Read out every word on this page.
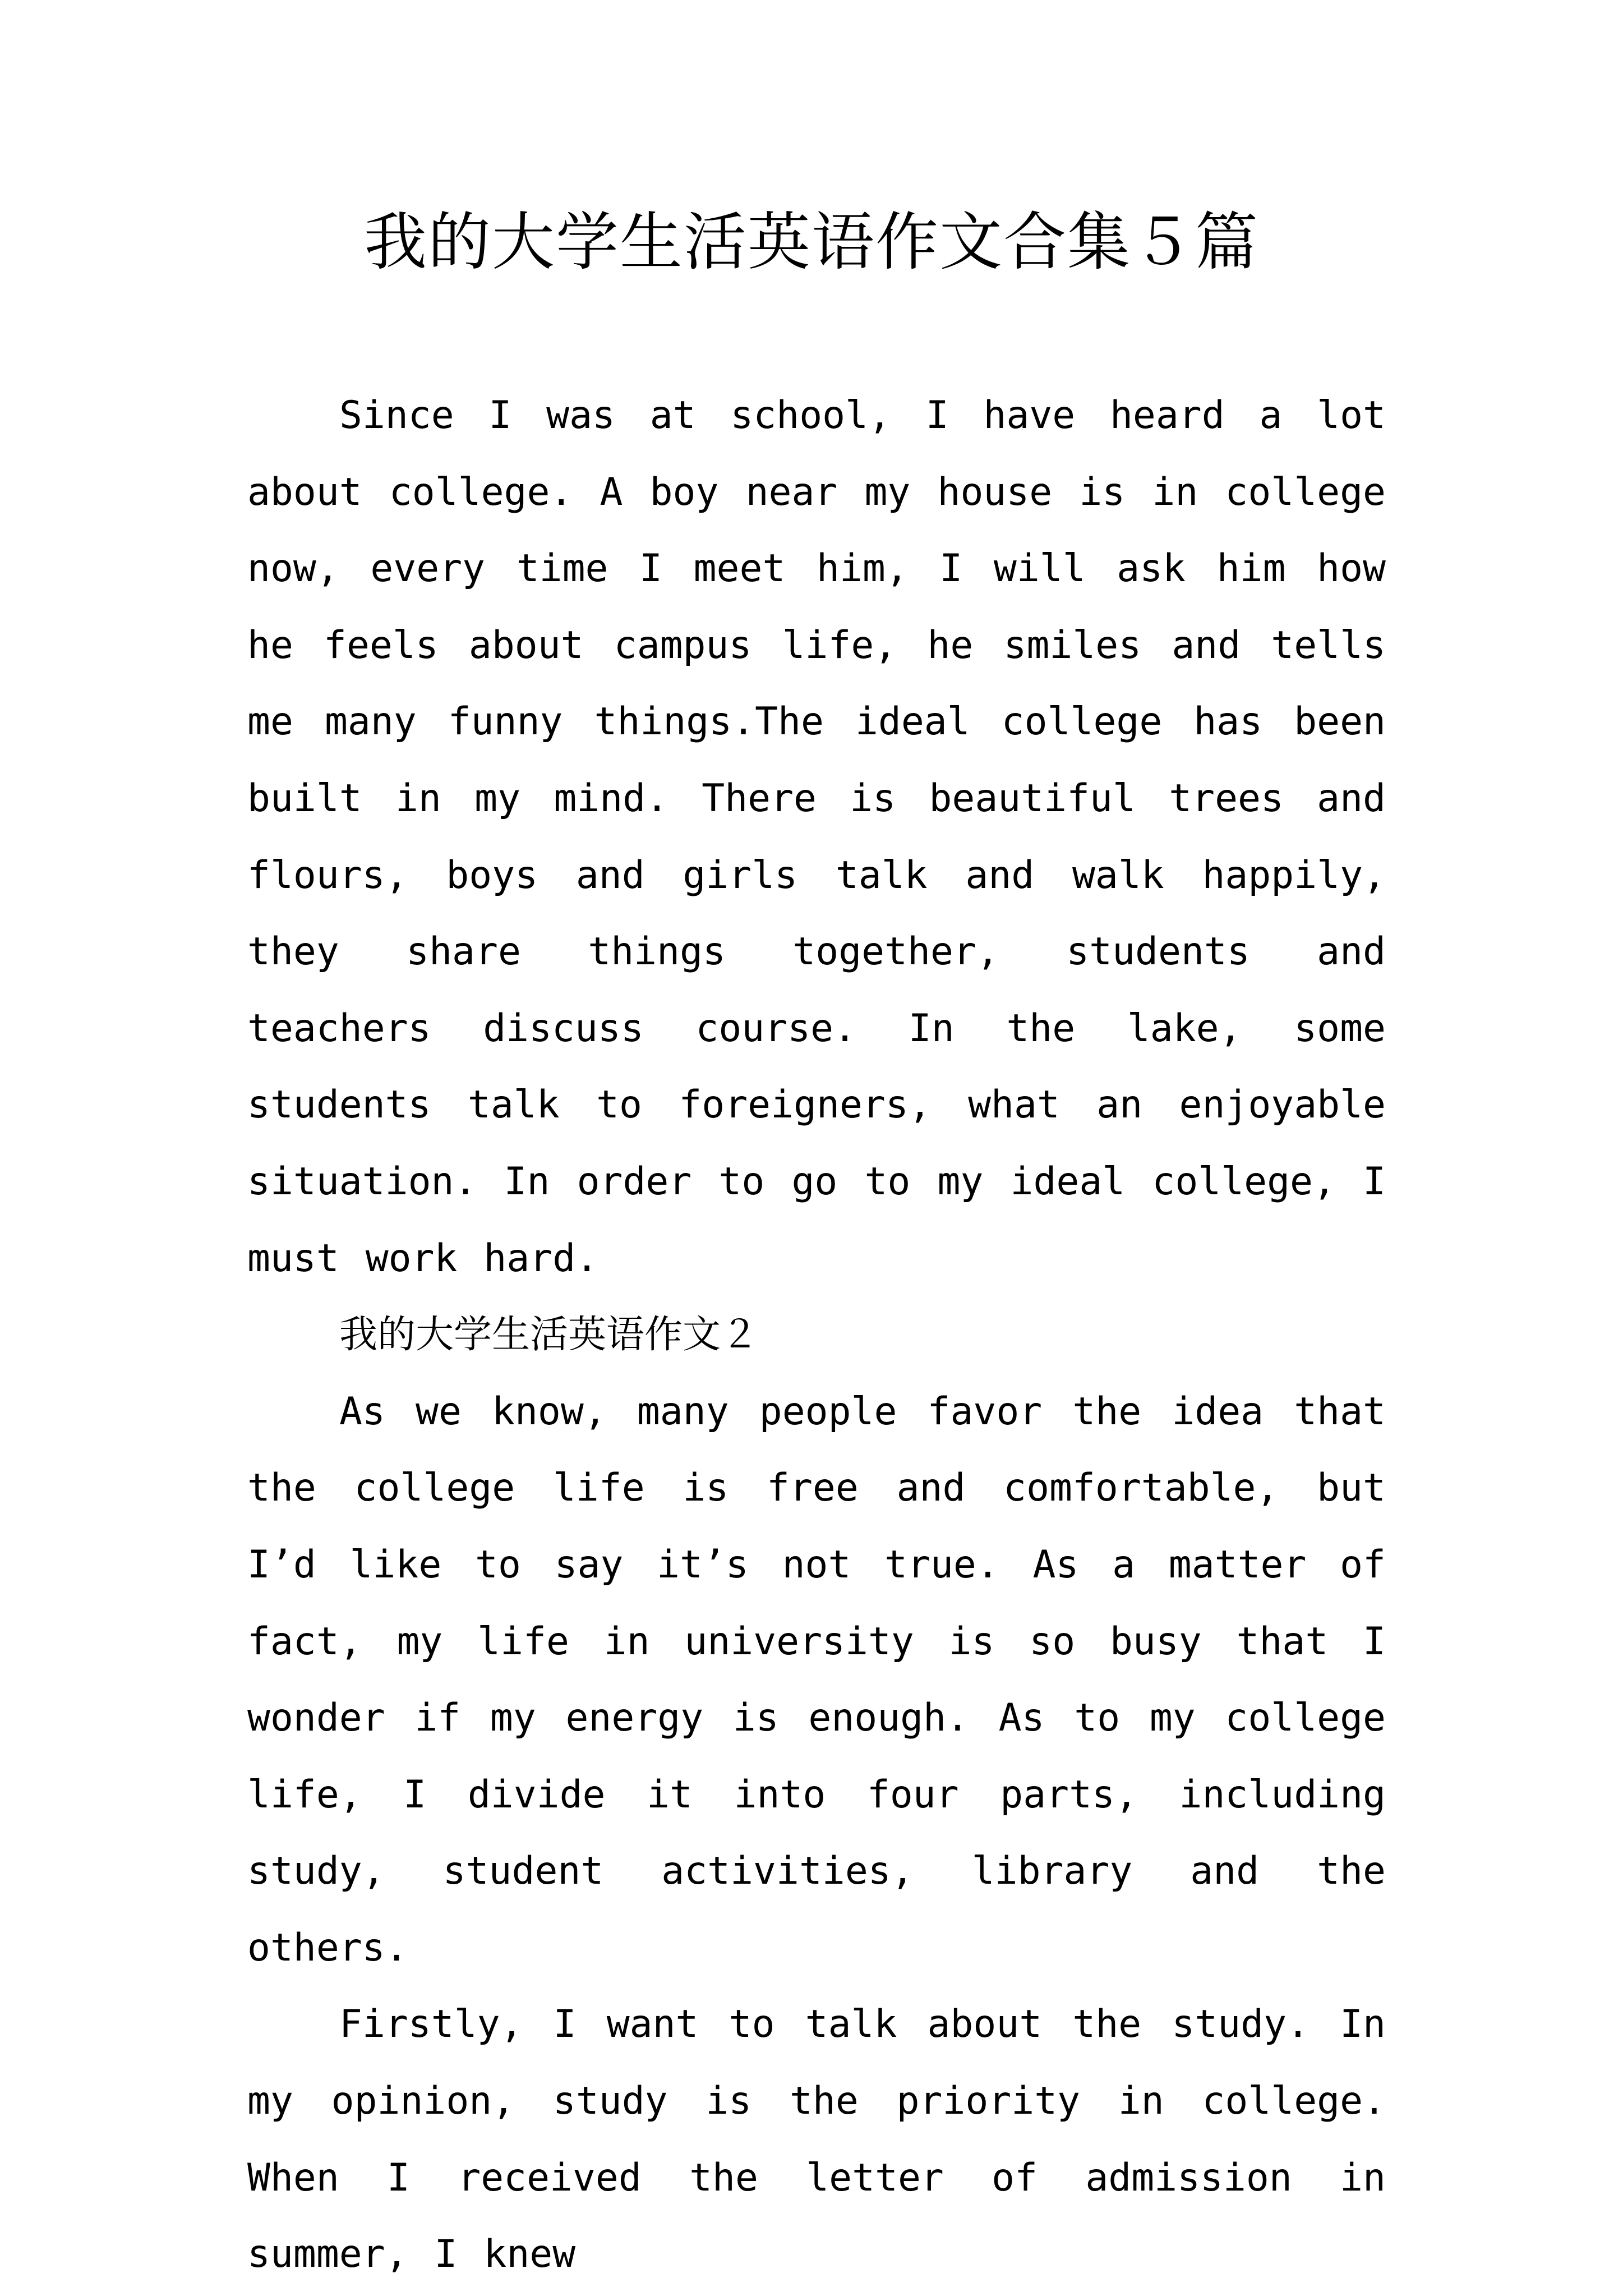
我的大学生活英语作文合集５篇

Since I was at school, I have heard a lot about college. A boy near my house is in college now, every time I meet him, I will ask him how he feels about campus life, he smiles and tells me many funny things.The ideal college has been built in my mind. There is beautiful trees and flours, boys and girls talk and walk happily, they share things together, students and teachers discuss course. In the lake, some students talk to foreigners, what an enjoyable situation. In order to go to my ideal college, I must work hard.

我的大学生活英语作文２

As we know, many people favor the idea that the college life is free and comfortable, but I’d like to say it’s not true. As a matter of fact, my life in university is so busy that I wonder if my energy is enough. As to my college life, I divide it into four parts, including study, student activities, library and the others.

Firstly, I want to talk about the study. In my opinion, study is the priority in college. When I received the letter of admission in summer, I knew
